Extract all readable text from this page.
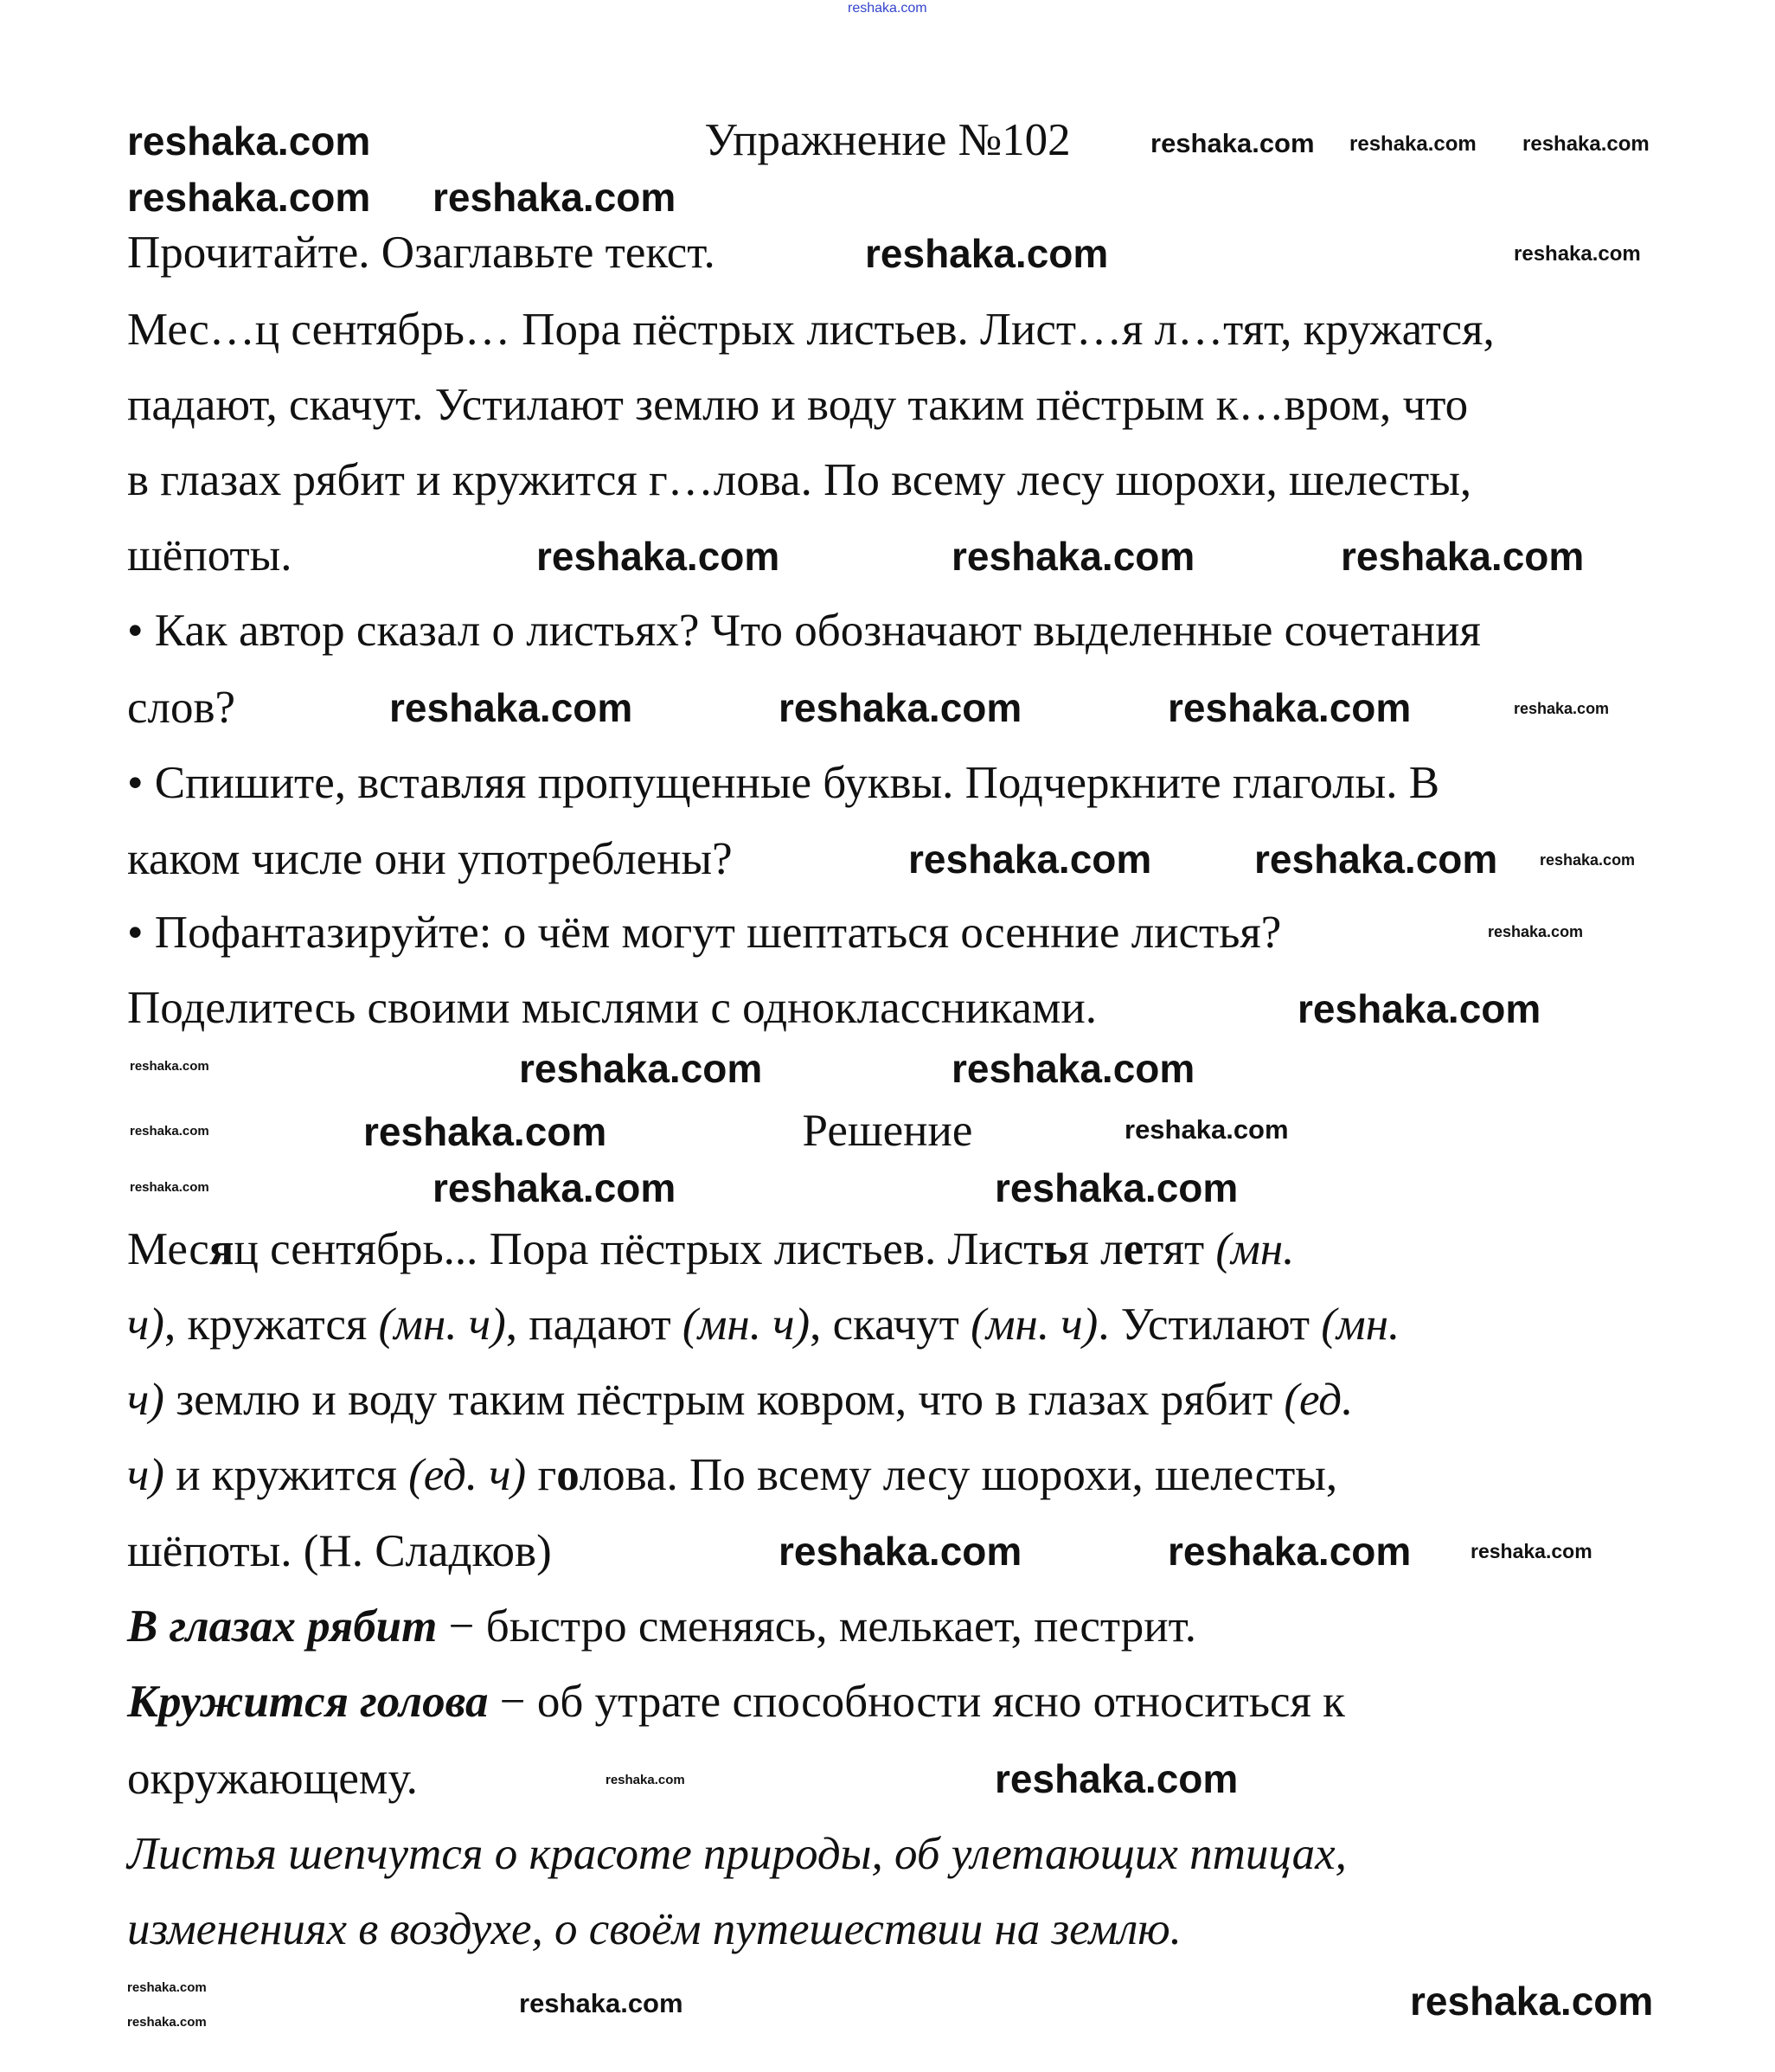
reshaka.com
Упражнение №102
Решение
Прочитайте. Озаглавьте текст.
Мес…ц сентябрь… Пора пёстрых листьев. Лист…я л…тят, кружатся,
падают, скачут. Устилают землю и воду таким пёстрым к…вром, что
в глазах рябит и кружится г…лова. По всему лесу шорохи, шелесты,
шёпоты.
• Как автор сказал о листьях? Что обозначают выделенные сочетания
слов?
• Спишите, вставляя пропущенные буквы. Подчеркните глаголы. В
каком числе они употреблены?
• Пофантазируйте: о чём могут шептаться осенние листья?
Поделитесь своими мыслями с одноклассниками.
Месяц сентябрь... Пора пёстрых листьев. Листья летят (мн.
ч), кружатся (мн. ч), падают (мн. ч), скачут (мн. ч). Устилают (мн.
ч) землю и воду таким пёстрым ковром, что в глазах рябит (ед.
ч) и кружится (ед. ч) голова. По всему лесу шорохи, шелесты,
шёпоты. (Н. Сладков)
В глазах рябит − быстро сменяясь, мелькает, пестрит.
Кружится голова − об утрате способности ясно относиться к
окружающему.
Листья шепчутся о красоте природы, об улетающих птицах,
изменениях в воздухе, о своём путешествии на землю.
reshaka.com	reshaka.com reshaka.com reshaka.com
reshaka.com reshaka.com
reshaka.com	reshaka.com
reshaka.com	reshaka.com	reshaka.com
reshaka.com	reshaka.com	reshaka.com	reshaka.com
reshaka.com	reshaka.com	reshaka.com
reshaka.com
reshaka.com
reshaka.com	reshaka.com
reshaka.com
reshaka.com
reshaka.com	reshaka.com
reshaka.com	reshaka.com
reshaka.com
reshaka.com	reshaka.com	reshaka.com
reshaka.com
reshaka.com
reshaka.com
reshaka.com
reshaka.com
reshaka.com
